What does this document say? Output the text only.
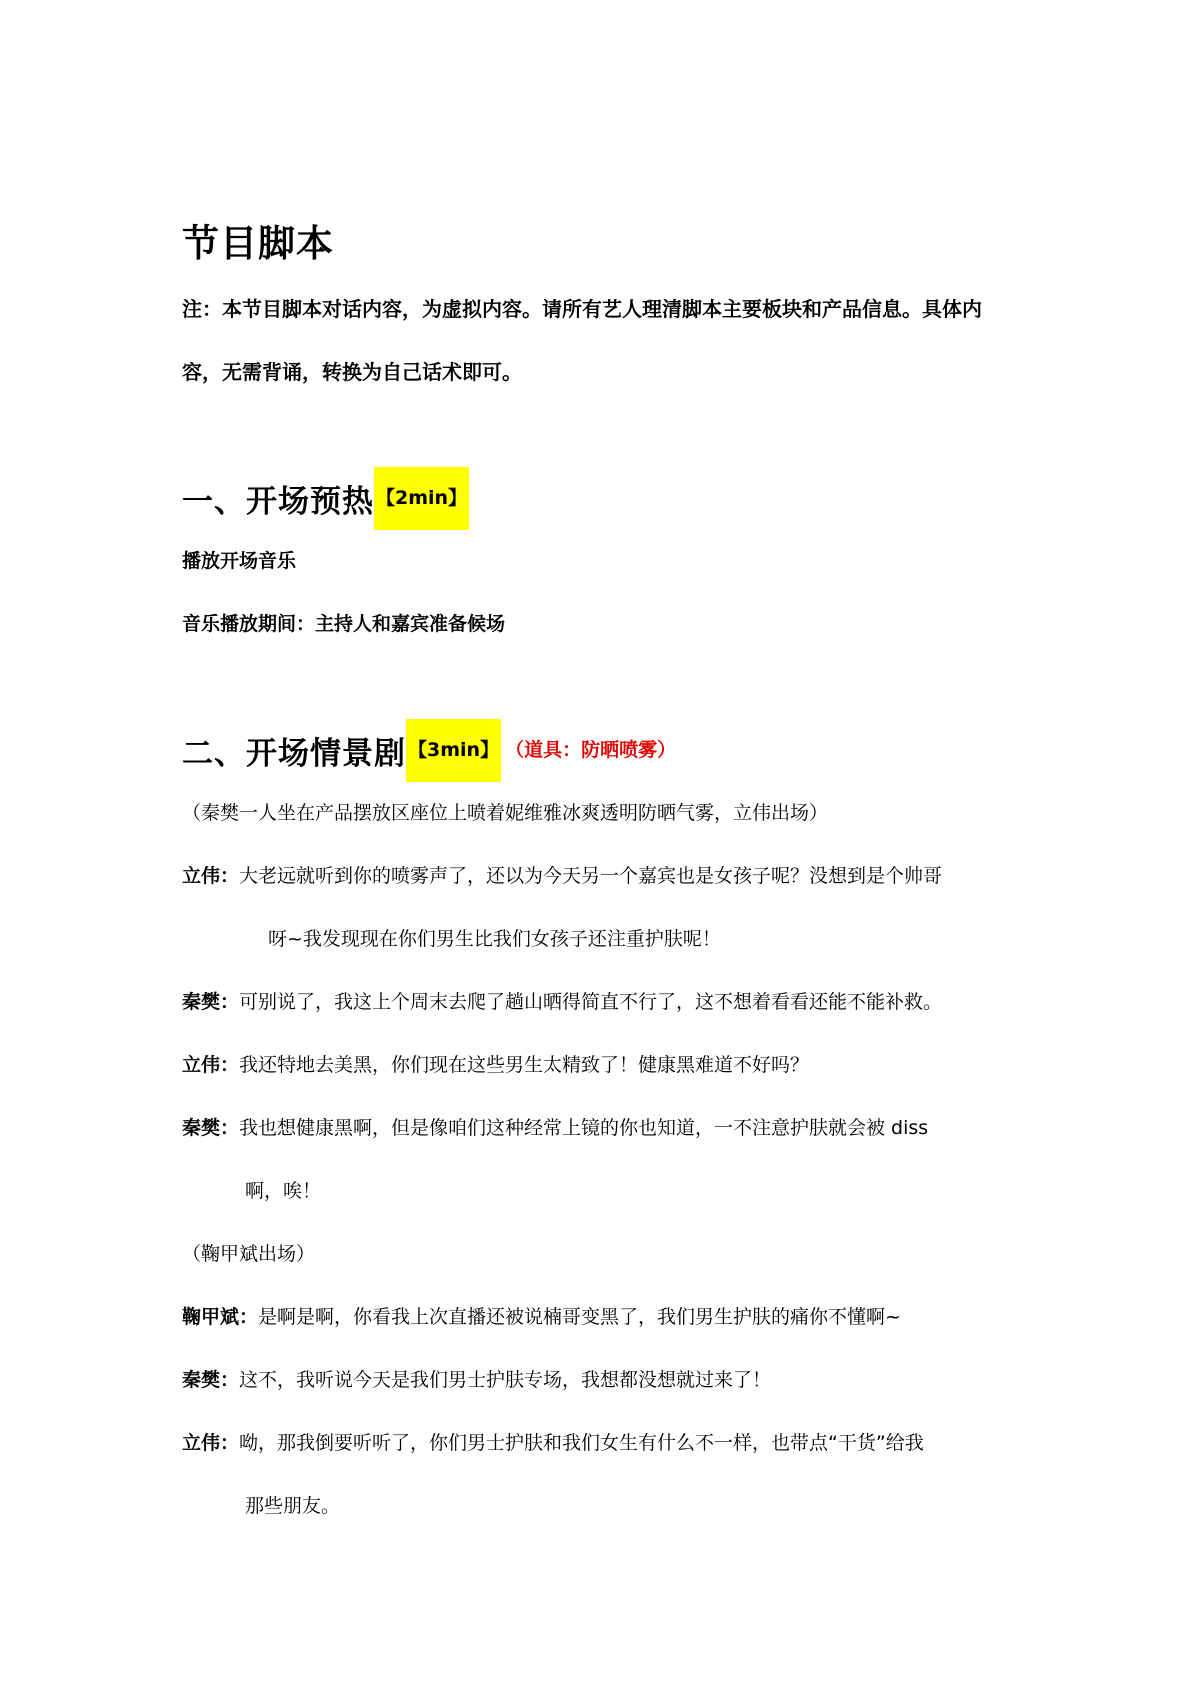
节目脚本

注：本节目脚本对话内容，为虚拟内容。请所有艺人理清脚本主要板块和产品信息。具体内

容，无需背诵，转换为自己话术即可。

一、开场预热 【2min】

播放开场音乐

音乐播放期间：主持人和嘉宾准备候场

二、开场情景剧 【3min】 （道具：防晒喷雾）

（秦樊一人坐在产品摆放区座位上喷着妮维雅冰爽透明防晒气雾，立伟出场）

立伟：大老远就听到你的喷雾声了，还以为今天另一个嘉宾也是女孩子呢？没想到是个帅哥

呀~我发现现在你们男生比我们女孩子还注重护肤呢！

秦樊：可别说了，我这上个周末去爬了趟山晒得简直不行了，这不想着看看还能不能补救。

立伟：我还特地去美黑，你们现在这些男生太精致了！健康黑难道不好吗？

秦樊：我也想健康黑啊，但是像咱们这种经常上镜的你也知道，一不注意护肤就会被 diss

啊，唉！

（鞠甲斌出场）

鞠甲斌：是啊是啊，你看我上次直播还被说楠哥变黑了，我们男生护肤的痛你不懂啊~

秦樊：这不，我听说今天是我们男士护肤专场，我想都没想就过来了！

立伟：呦，那我倒要听听了，你们男士护肤和我们女生有什么不一样，也带点“干货”给我

那些朋友。
